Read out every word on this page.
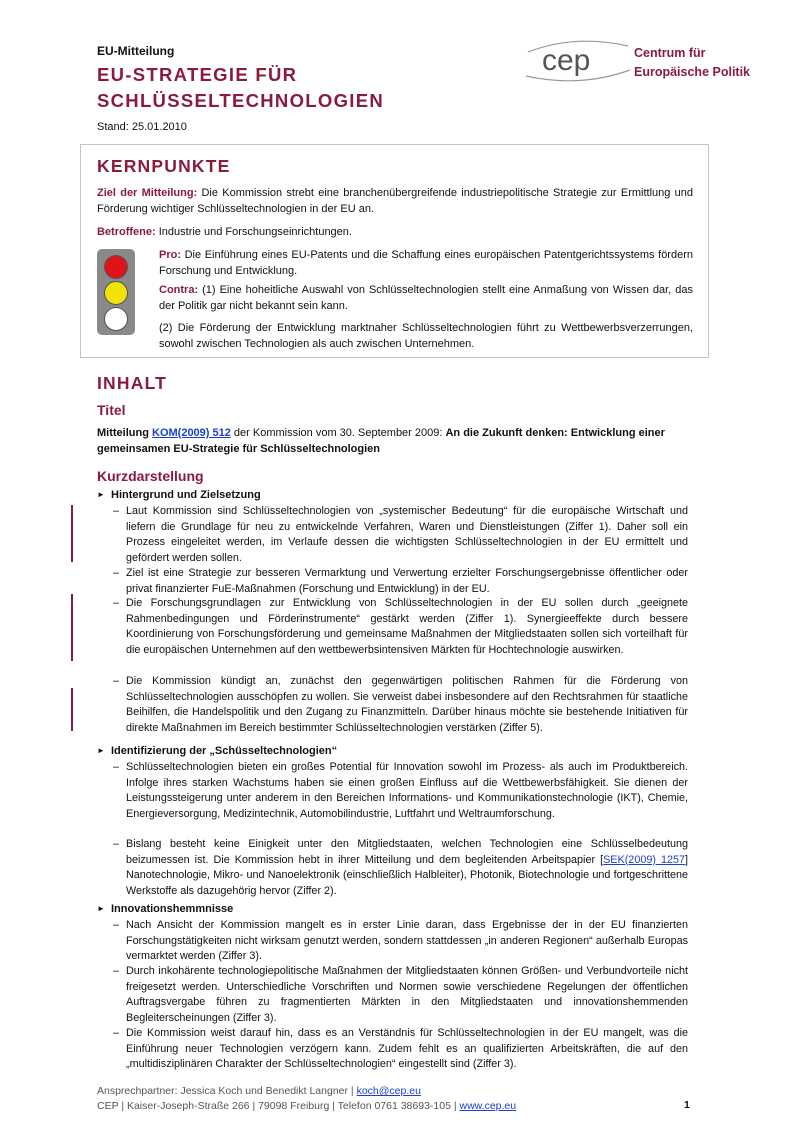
EU-Mitteilung
EU-STRATEGIE FÜR
SCHLÜSSELTECHNOLOGIEN
Stand: 25.01.2010
cep	Centrum für
Europäische Politik
KERNPUNKTE
Ziel der Mitteilung: Die Kommission strebt eine branchenübergreifende industriepolitische Strategie zur Ermittlung und Förderung wichtiger Schlüsseltechnologien in der EU an.
Betroffene: Industrie und Forschungseinrichtungen.
Pro: Die Einführung eines EU-Patents und die Schaffung eines europäischen Patentgerichtssystems fördern Forschung und Entwicklung.
Contra: (1) Eine hoheitliche Auswahl von Schlüsseltechnologien stellt eine Anmaßung von Wissen dar, das der Politik gar nicht bekannt sein kann.
(2) Die Förderung der Entwicklung marktnaher Schlüsseltechnologien führt zu Wettbewerbsverzerrungen, sowohl zwischen Technologien als auch zwischen Unternehmen.
INHALT
Titel
Mitteilung KOM(2009) 512 der Kommission vom 30. September 2009: An die Zukunft denken: Entwicklung einer gemeinsamen EU-Strategie für Schlüsseltechnologien
Kurzdarstellung
► Hintergrund und Zielsetzung
– Laut Kommission sind Schlüsseltechnologien von „systemischer Bedeutung“ für die europäische Wirtschaft und liefern die Grundlage für neu zu entwickelnde Verfahren, Waren und Dienstleistungen (Ziffer 1). Daher soll ein Prozess eingeleitet werden, im Verlaufe dessen die wichtigsten Schlüsseltechnologien in der EU ermittelt und gefördert werden sollen.
– Ziel ist eine Strategie zur besseren Vermarktung und Verwertung erzielter Forschungsergebnisse öffentlicher oder privat finanzierter FuE-Maßnahmen (Forschung und Entwicklung) in der EU.
– Die Forschungsgrundlagen zur Entwicklung von Schlüsseltechnologien in der EU sollen durch „geeignete Rahmenbedingungen und Förderinstrumente“ gestärkt werden (Ziffer 1). Synergieeffekte durch bessere Koordinierung von Forschungsförderung und gemeinsame Maßnahmen der Mitgliedstaaten sollen sich vorteilhaft für die europäischen Unternehmen auf den wettbewerbsintensiven Märkten für Hochtechnologie auswirken.
– Die Kommission kündigt an, zunächst den gegenwärtigen politischen Rahmen für die Förderung von Schlüsseltechnologien ausschöpfen zu wollen. Sie verweist dabei insbesondere auf den Rechtsrahmen für staatliche Beihilfen, die Handelspolitik und den Zugang zu Finanzmitteln. Darüber hinaus möchte sie bestehende Initiativen für direkte Maßnahmen im Bereich bestimmter Schlüsseltechnologien verstärken (Ziffer 5).
► Identifizierung der „Schüsseltechnologien“
– Schlüsseltechnologien bieten ein großes Potential für Innovation sowohl im Prozess- als auch im Produktbereich. Infolge ihres starken Wachstums haben sie einen großen Einfluss auf die Wettbewerbsfähigkeit. Sie dienen der Leistungssteigerung unter anderem in den Bereichen Informations- und Kommunikationstechnologie (IKT), Chemie, Energieversorgung, Medizintechnik, Automobilindustrie, Luftfahrt und Weltraumforschung.
– Bislang besteht keine Einigkeit unter den Mitgliedstaaten, welchen Technologien eine Schlüsselbedeutung beizumessen ist. Die Kommission hebt in ihrer Mitteilung und dem begleitenden Arbeitspapier [SEK(2009) 1257] Nanotechnologie, Mikro- und Nanoelektronik (einschließlich Halbleiter), Photonik, Biotechnologie und fortgeschrittene Werkstoffe als dazugehörig hervor (Ziffer 2).
► Innovationshemmnisse
– Nach Ansicht der Kommission mangelt es in erster Linie daran, dass Ergebnisse der in der EU finanzierten Forschungstätigkeiten nicht wirksam genutzt werden, sondern stattdessen „in anderen Regionen“ außerhalb Europas vermarktet werden (Ziffer 3).
– Durch inkohärente technologiepolitische Maßnahmen der Mitgliedstaaten können Größen- und Verbundvorteile nicht freigesetzt werden. Unterschiedliche Vorschriften und Normen sowie verschiedene Regelungen der öffentlichen Auftragsvergabe führen zu fragmentierten Märkten in den Mitgliedstaaten und innovationshemmenden Begleiterscheinungen (Ziffer 3).
– Die Kommission weist darauf hin, dass es an Verständnis für Schlüsseltechnologien in der EU mangelt, was die Einführung neuer Technologien verzögern kann. Zudem fehlt es an qualifizierten Arbeitskräften, die auf den „multidisziplinären Charakter der Schlüsseltechnologien“ eingestellt sind (Ziffer 3).
Ansprechpartner: Jessica Koch und Benedikt Langner | koch@cep.eu
CEP | Kaiser-Joseph-Straße 266 | 79098 Freiburg | Telefon 0761 38693-105 | www.cep.eu	1
